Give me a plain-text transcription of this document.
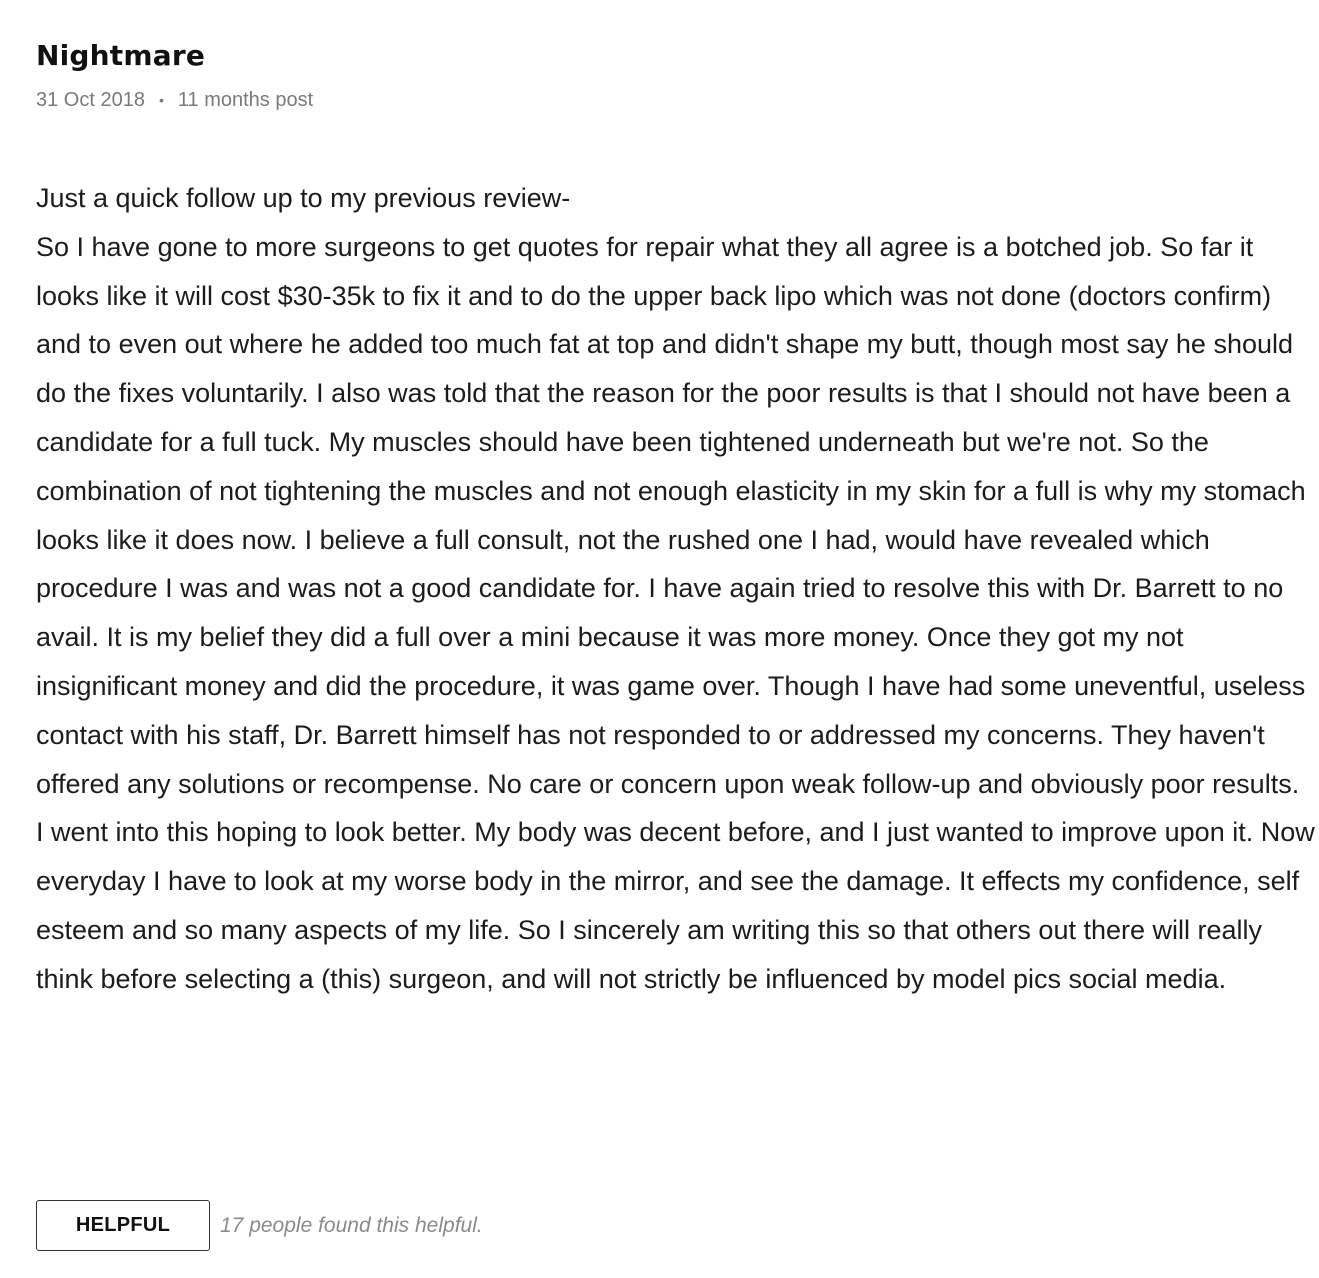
Nightmare
31 Oct 2018 • 11 months post

Just a quick follow up to my previous review-

So I have gone to more surgeons to get quotes for repair what they all agree is a botched job. So far it looks like it will cost $30-35k to fix it and to do the upper back lipo which was not done (doctors confirm) and to even out where he added too much fat at top and didn't shape my butt, though most say he should do the fixes voluntarily. I also was told that the reason for the poor results is that I should not have been a candidate for a full tuck. My muscles should have been tightened underneath but we're not. So the combination of not tightening the muscles and not enough elasticity in my skin for a full is why my stomach looks like it does now. I believe a full consult, not the rushed one I had, would have revealed which procedure I was and was not a good candidate for. I have again tried to resolve this with Dr. Barrett to no avail. It is my belief they did a full over a mini because it was more money. Once they got my not insignificant money and did the procedure, it was game over. Though I have had some uneventful, useless contact with his staff, Dr. Barrett himself has not responded to or addressed my concerns. They haven't offered any solutions or recompense. No care or concern upon weak follow-up and obviously poor results.

I went into this hoping to look better. My body was decent before, and I just wanted to improve upon it. Now everyday I have to look at my worse body in the mirror, and see the damage. It effects my confidence, self esteem and so many aspects of my life. So I sincerely am writing this so that others out there will really think before selecting a (this) surgeon, and will not strictly be influenced by model pics social media.

HELPFUL	17 people found this helpful.
